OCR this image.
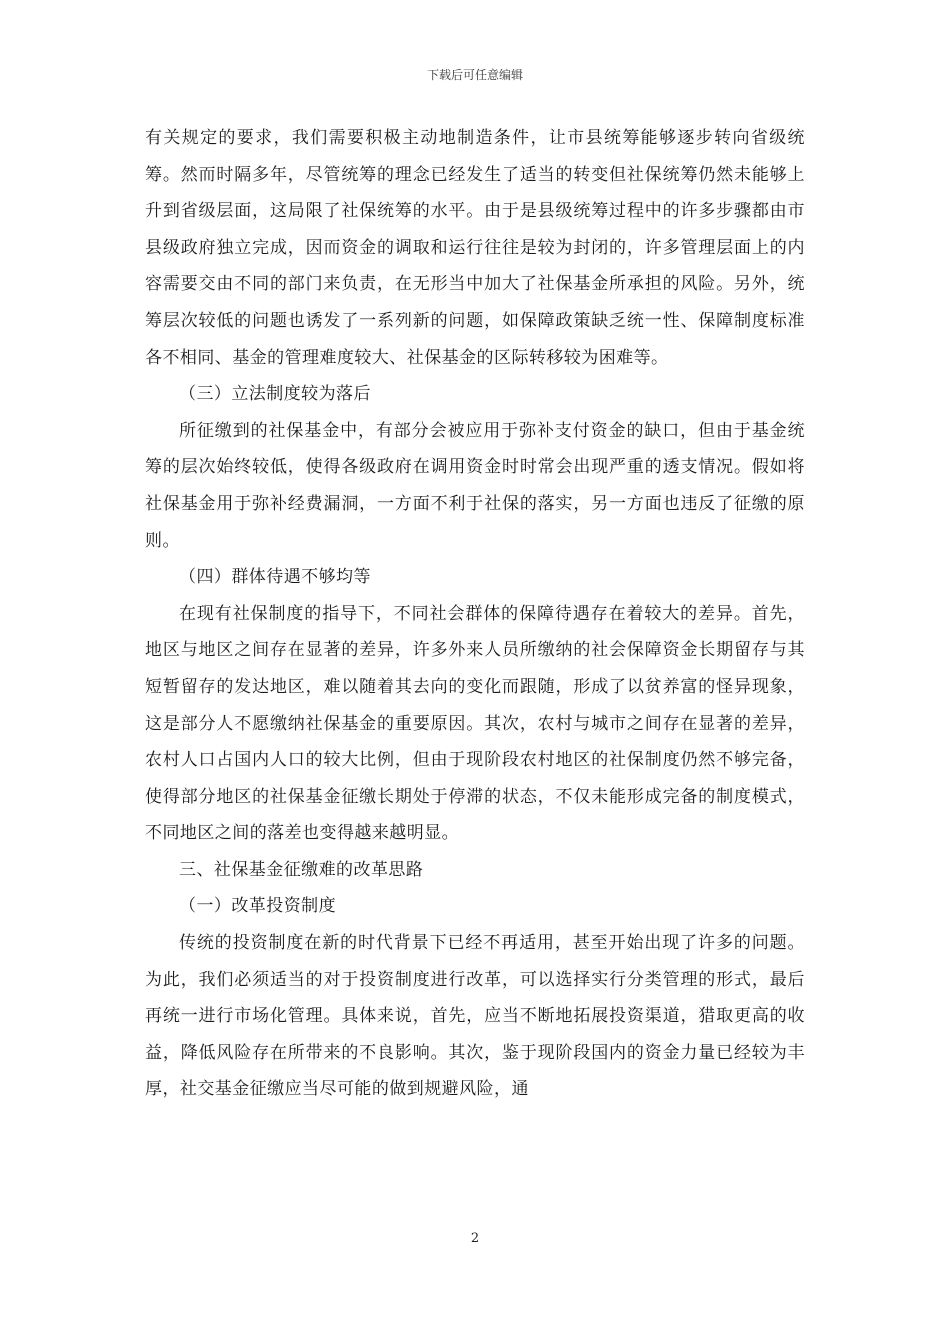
下载后可任意编辑

有关规定的要求，我们需要积极主动地制造条件，让市县统筹能够逐步转向省级统筹。然而时隔多年，尽管统筹的理念已经发生了适当的转变但社保统筹仍然未能够上升到省级层面，这局限了社保统筹的水平。由于是县级统筹过程中的许多步骤都由市县级政府独立完成，因而资金的调取和运行往往是较为封闭的，许多管理层面上的内容需要交由不同的部门来负责，在无形当中加大了社保基金所承担的风险。另外，统筹层次较低的问题也诱发了一系列新的问题，如保障政策缺乏统一性、保障制度标准各不相同、基金的管理难度较大、社保基金的区际转移较为困难等。

（三）立法制度较为落后

所征缴到的社保基金中，有部分会被应用于弥补支付资金的缺口，但由于基金统筹的层次始终较低，使得各级政府在调用资金时时常会出现严重的透支情况。假如将社保基金用于弥补经费漏洞，一方面不利于社保的落实，另一方面也违反了征缴的原则。

（四）群体待遇不够均等

在现有社保制度的指导下，不同社会群体的保障待遇存在着较大的差异。首先，地区与地区之间存在显著的差异，许多外来人员所缴纳的社会保障资金长期留存与其短暂留存的发达地区，难以随着其去向的变化而跟随，形成了以贫养富的怪异现象，这是部分人不愿缴纳社保基金的重要原因。其次，农村与城市之间存在显著的差异，农村人口占国内人口的较大比例，但由于现阶段农村地区的社保制度仍然不够完备，使得部分地区的社保基金征缴长期处于停滞的状态，不仅未能形成完备的制度模式，不同地区之间的落差也变得越来越明显。

三、社保基金征缴难的改革思路

（一）改革投资制度

传统的投资制度在新的时代背景下已经不再适用，甚至开始出现了许多的问题。为此，我们必须适当的对于投资制度进行改革，可以选择实行分类管理的形式，最后再统一进行市场化管理。具体来说，首先，应当不断地拓展投资渠道，猎取更高的收益，降低风险存在所带来的不良影响。其次，鉴于现阶段国内的资金力量已经较为丰厚，社交基金征缴应当尽可能的做到规避风险，通

2
